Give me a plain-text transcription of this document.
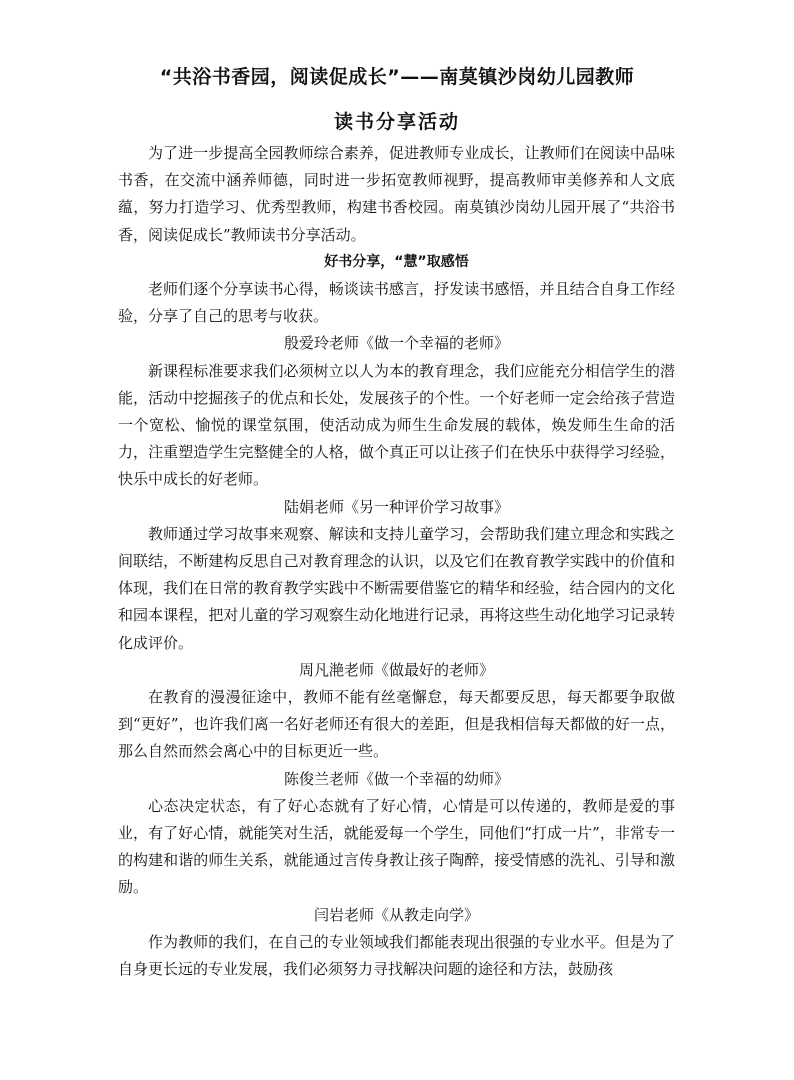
“共浴书香园，阅读促成长”——南莫镇沙岗幼儿园教师
读书分享活动

为了进一步提高全园教师综合素养，促进教师专业成长，让教师们在阅读中品味书香，在交流中涵养师德，同时进一步拓宽教师视野，提高教师审美修养和人文底蕴，努力打造学习、优秀型教师，构建书香校园。南莫镇沙岗幼儿园开展了“共浴书香，阅读促成长”教师读书分享活动。

好书分享，“慧”取感悟

老师们逐个分享读书心得，畅谈读书感言，抒发读书感悟，并且结合自身工作经验，分享了自己的思考与收获。

殷爱玲老师《做一个幸福的老师》

新课程标准要求我们必须树立以人为本的教育理念，我们应能充分相信学生的潜能，活动中挖掘孩子的优点和长处，发展孩子的个性。一个好老师一定会给孩子营造一个宽松、愉悦的课堂氛围，使活动成为师生生命发展的载体，焕发师生生命的活力，注重塑造学生完整健全的人格，做个真正可以让孩子们在快乐中获得学习经验，快乐中成长的好老师。

陆娟老师《另一种评价学习故事》

教师通过学习故事来观察、解读和支持儿童学习，会帮助我们建立理念和实践之间联结，不断建构反思自己对教育理念的认识，以及它们在教育教学实践中的价值和体现，我们在日常的教育教学实践中不断需要借鉴它的精华和经验，结合园内的文化和园本课程，把对儿童的学习观察生动化地进行记录，再将这些生动化地学习记录转化成评价。

周凡滟老师《做最好的老师》

在教育的漫漫征途中，教师不能有丝毫懈怠，每天都要反思，每天都要争取做到“更好”，也许我们离一名好老师还有很大的差距，但是我相信每天都做的好一点，那么自然而然会离心中的目标更近一些。

陈俊兰老师《做一个幸福的幼师》

心态决定状态，有了好心态就有了好心情，心情是可以传递的，教师是爱的事业，有了好心情，就能笑对生活，就能爱每一个学生，同他们“打成一片”，非常专一的构建和谐的师生关系，就能通过言传身教让孩子陶醉，接受情感的洗礼、引导和激励。

闫岩老师《从教走向学》

作为教师的我们，在自己的专业领域我们都能表现出很强的专业水平。但是为了自身更长远的专业发展，我们必须努力寻找解决问题的途径和方法，鼓励孩
